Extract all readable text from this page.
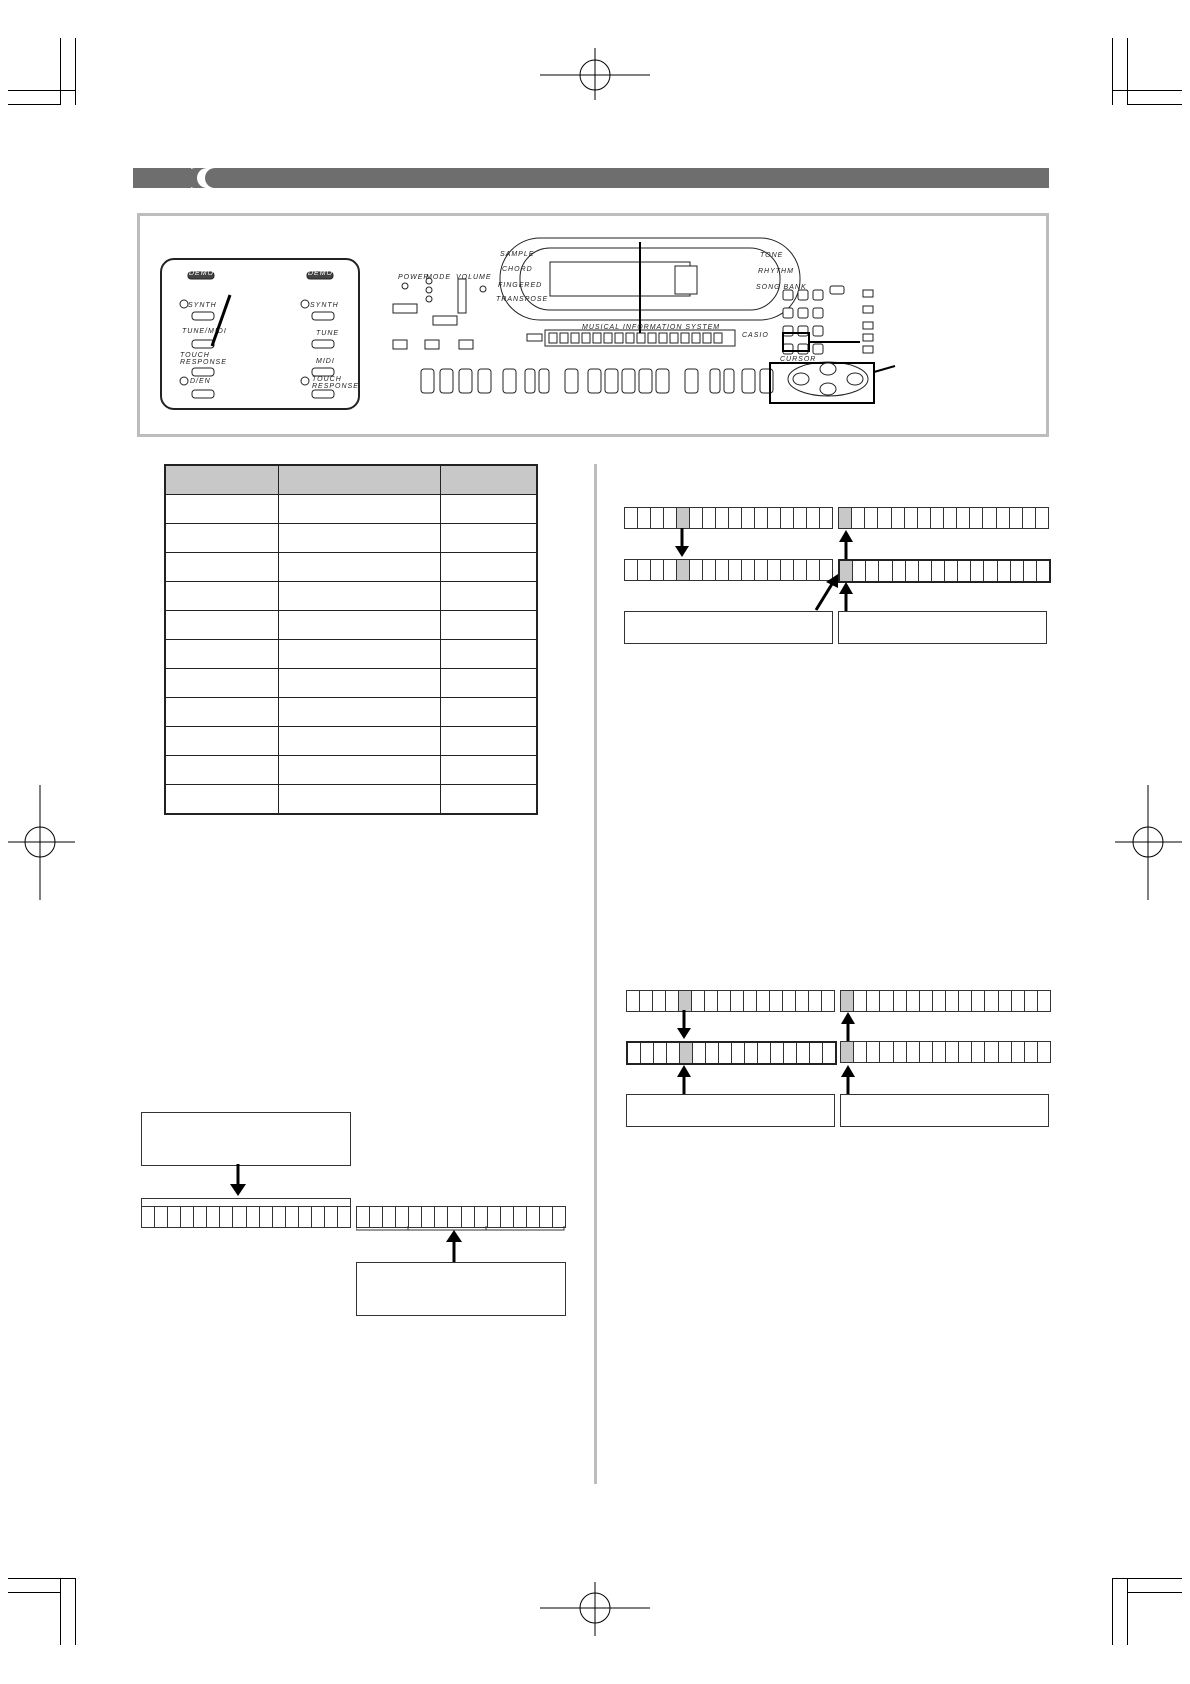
DEMO
SYNTH
TUNE/MIDI
TOUCH RESPONSE
D/EN
DEMO
SYNTH
TUNE
MIDI
TOUCH RESPONSE
POWER
MODE VOLUME
MUSICAL INFORMATION SYSTEM
SAMPLE
CHORD
FINGERED
TRANSPOSE
TONE
RHYTHM
SONG BANK
CURSOR
CASIO
